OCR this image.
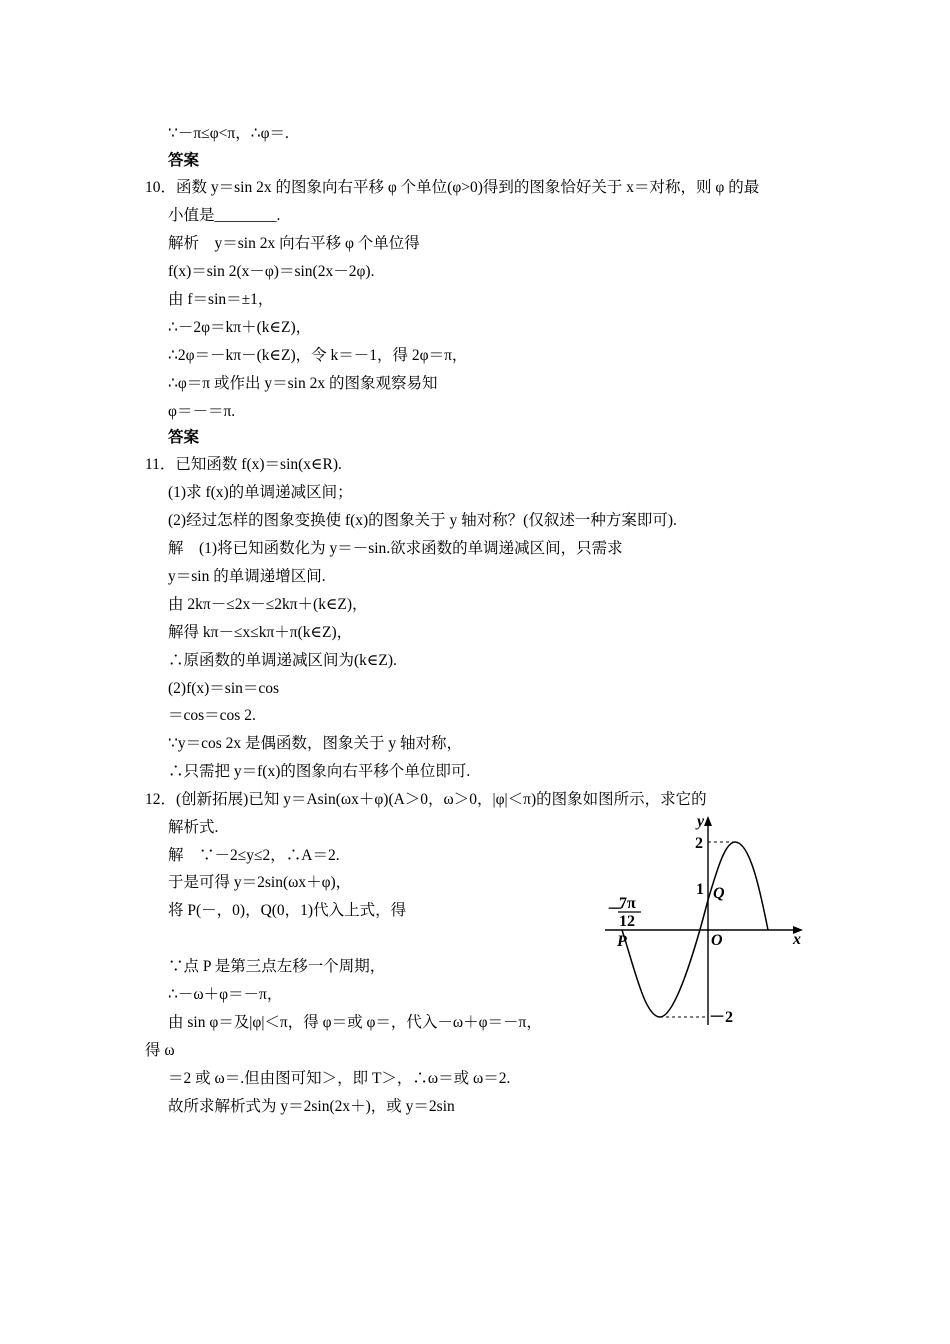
∵－π≤φ<π，∴φ＝.
答案
10．函数 y＝sin 2x 的图象向右平移 φ 个单位(φ>0)得到的图象恰好关于 x＝对称，则 φ 的最
小值是________.
解析　y＝sin 2x 向右平移 φ 个单位得
f(x)＝sin 2(x－φ)＝sin(2x－2φ).
由 f＝sin＝±1，
∴－2φ＝kπ＋(k∈Z)，
∴2φ＝－kπ－(k∈Z)，令 k＝－1，得 2φ＝π，
∴φ＝π 或作出 y＝sin 2x 的图象观察易知
φ＝－＝π.
答案
11．已知函数 f(x)＝sin(x∈R).
(1)求 f(x)的单调递减区间；
(2)经过怎样的图象变换使 f(x)的图象关于 y 轴对称？(仅叙述一种方案即可).
解　(1)将已知函数化为 y＝－sin.欲求函数的单调递减区间，只需求
y＝sin 的单调递增区间.
由 2kπ－≤2x－≤2kπ＋(k∈Z)，
解得 kπ－≤x≤kπ＋π(k∈Z)，
∴原函数的单调递减区间为(k∈Z).
(2)f(x)＝sin＝cos
＝cos＝cos 2.
∵y＝cos 2x 是偶函数，图象关于 y 轴对称，
∴只需把 y＝f(x)的图象向右平移个单位即可.
12．(创新拓展)已知 y＝Asin(ωx＋φ)(A＞0，ω＞0，|φ|＜π)的图象如图所示，求它的
解析式.
解　∵－2≤y≤2，∴A＝2.
于是可得 y＝2sin(ωx＋φ)，
将 P(－，0)，Q(0，1)代入上式，得
∵点 P 是第三点左移一个周期，
∴－ω＋φ＝－π，
由 sin φ＝及|φ|＜π，得 φ＝或 φ＝，代入－ω＋φ＝－π，
得 ω
＝2 或 ω＝.但由图可知＞，即 T＞，∴ω＝或 ω＝2.
故所求解析式为 y＝2sin(2x＋)，或 y＝2sin
y
x
2
1
－2
Q
O
P
－
7π
12
